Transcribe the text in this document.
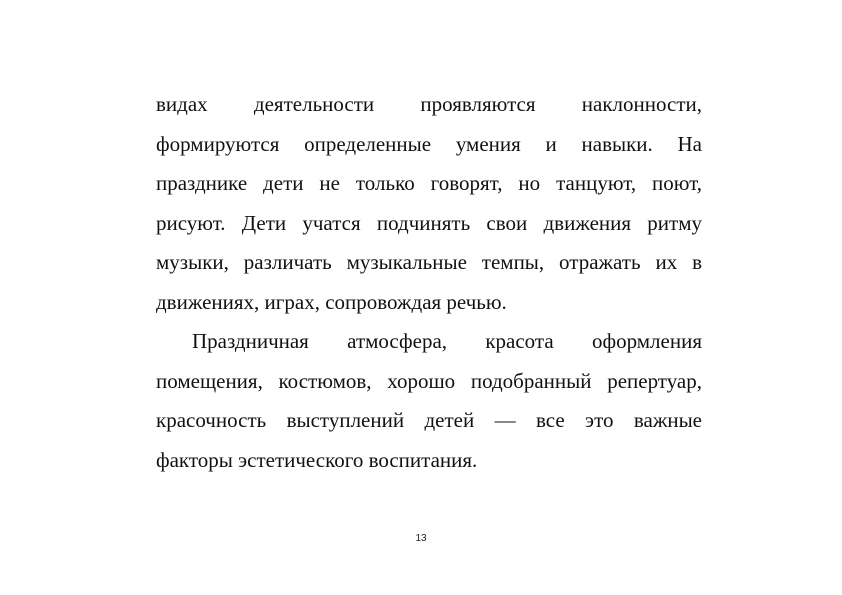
видах деятельности проявляются наклонности,
формируются определенные умения и навыки. На
празднике дети не только говорят, но танцуют, поют,
рисуют. Дети учатся подчинять свои движения ритму
музыки, различать музыкальные темпы, отражать их в
движениях, играх, сопровождая речью.
Праздничная атмосфера, красота оформления
помещения, костюмов, хорошо подобранный репертуар,
красочность выступлений детей — все это важные
факторы эстетического воспитания.
13
